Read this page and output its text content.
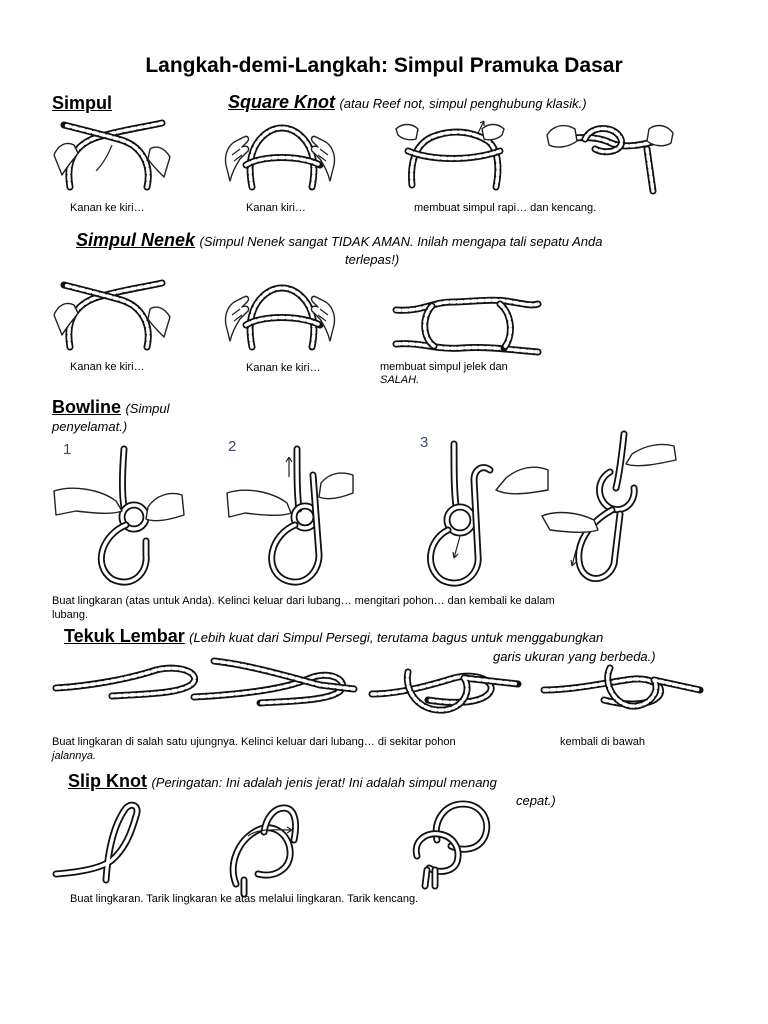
Langkah-demi-Langkah: Simpul Pramuka Dasar
Simpul	Square Knot (atau Reef not, simpul penghubung klasik.)
Kanan ke kiri…	Kanan kiri…	membuat simpul rapi… dan kencang.
Simpul Nenek (Simpul Nenek sangat TIDAK AMAN. Inilah mengapa tali sepatu Anda
terlepas!)
Kanan ke kiri…	Kanan ke kiri…	membuat simpul jelek dan
SALAH.
Bowline (Simpul
penyelamat.)
1	2	3
Buat lingkaran (atas untuk Anda). Kelinci keluar dari lubang… mengitari pohon… dan kembali ke dalam
lubang.
Tekuk Lembar (Lebih kuat dari Simpul Persegi, terutama bagus untuk menggabungkan
garis ukuran yang berbeda.)
Buat lingkaran di salah satu ujungnya. Kelinci keluar dari lubang… di sekitar pohon	kembali di bawah
jalannya.
Slip Knot (Peringatan: Ini adalah jenis jerat! Ini adalah simpul menang
cepat.)
Buat lingkaran. Tarik lingkaran ke atas melalui lingkaran. Tarik kencang.
